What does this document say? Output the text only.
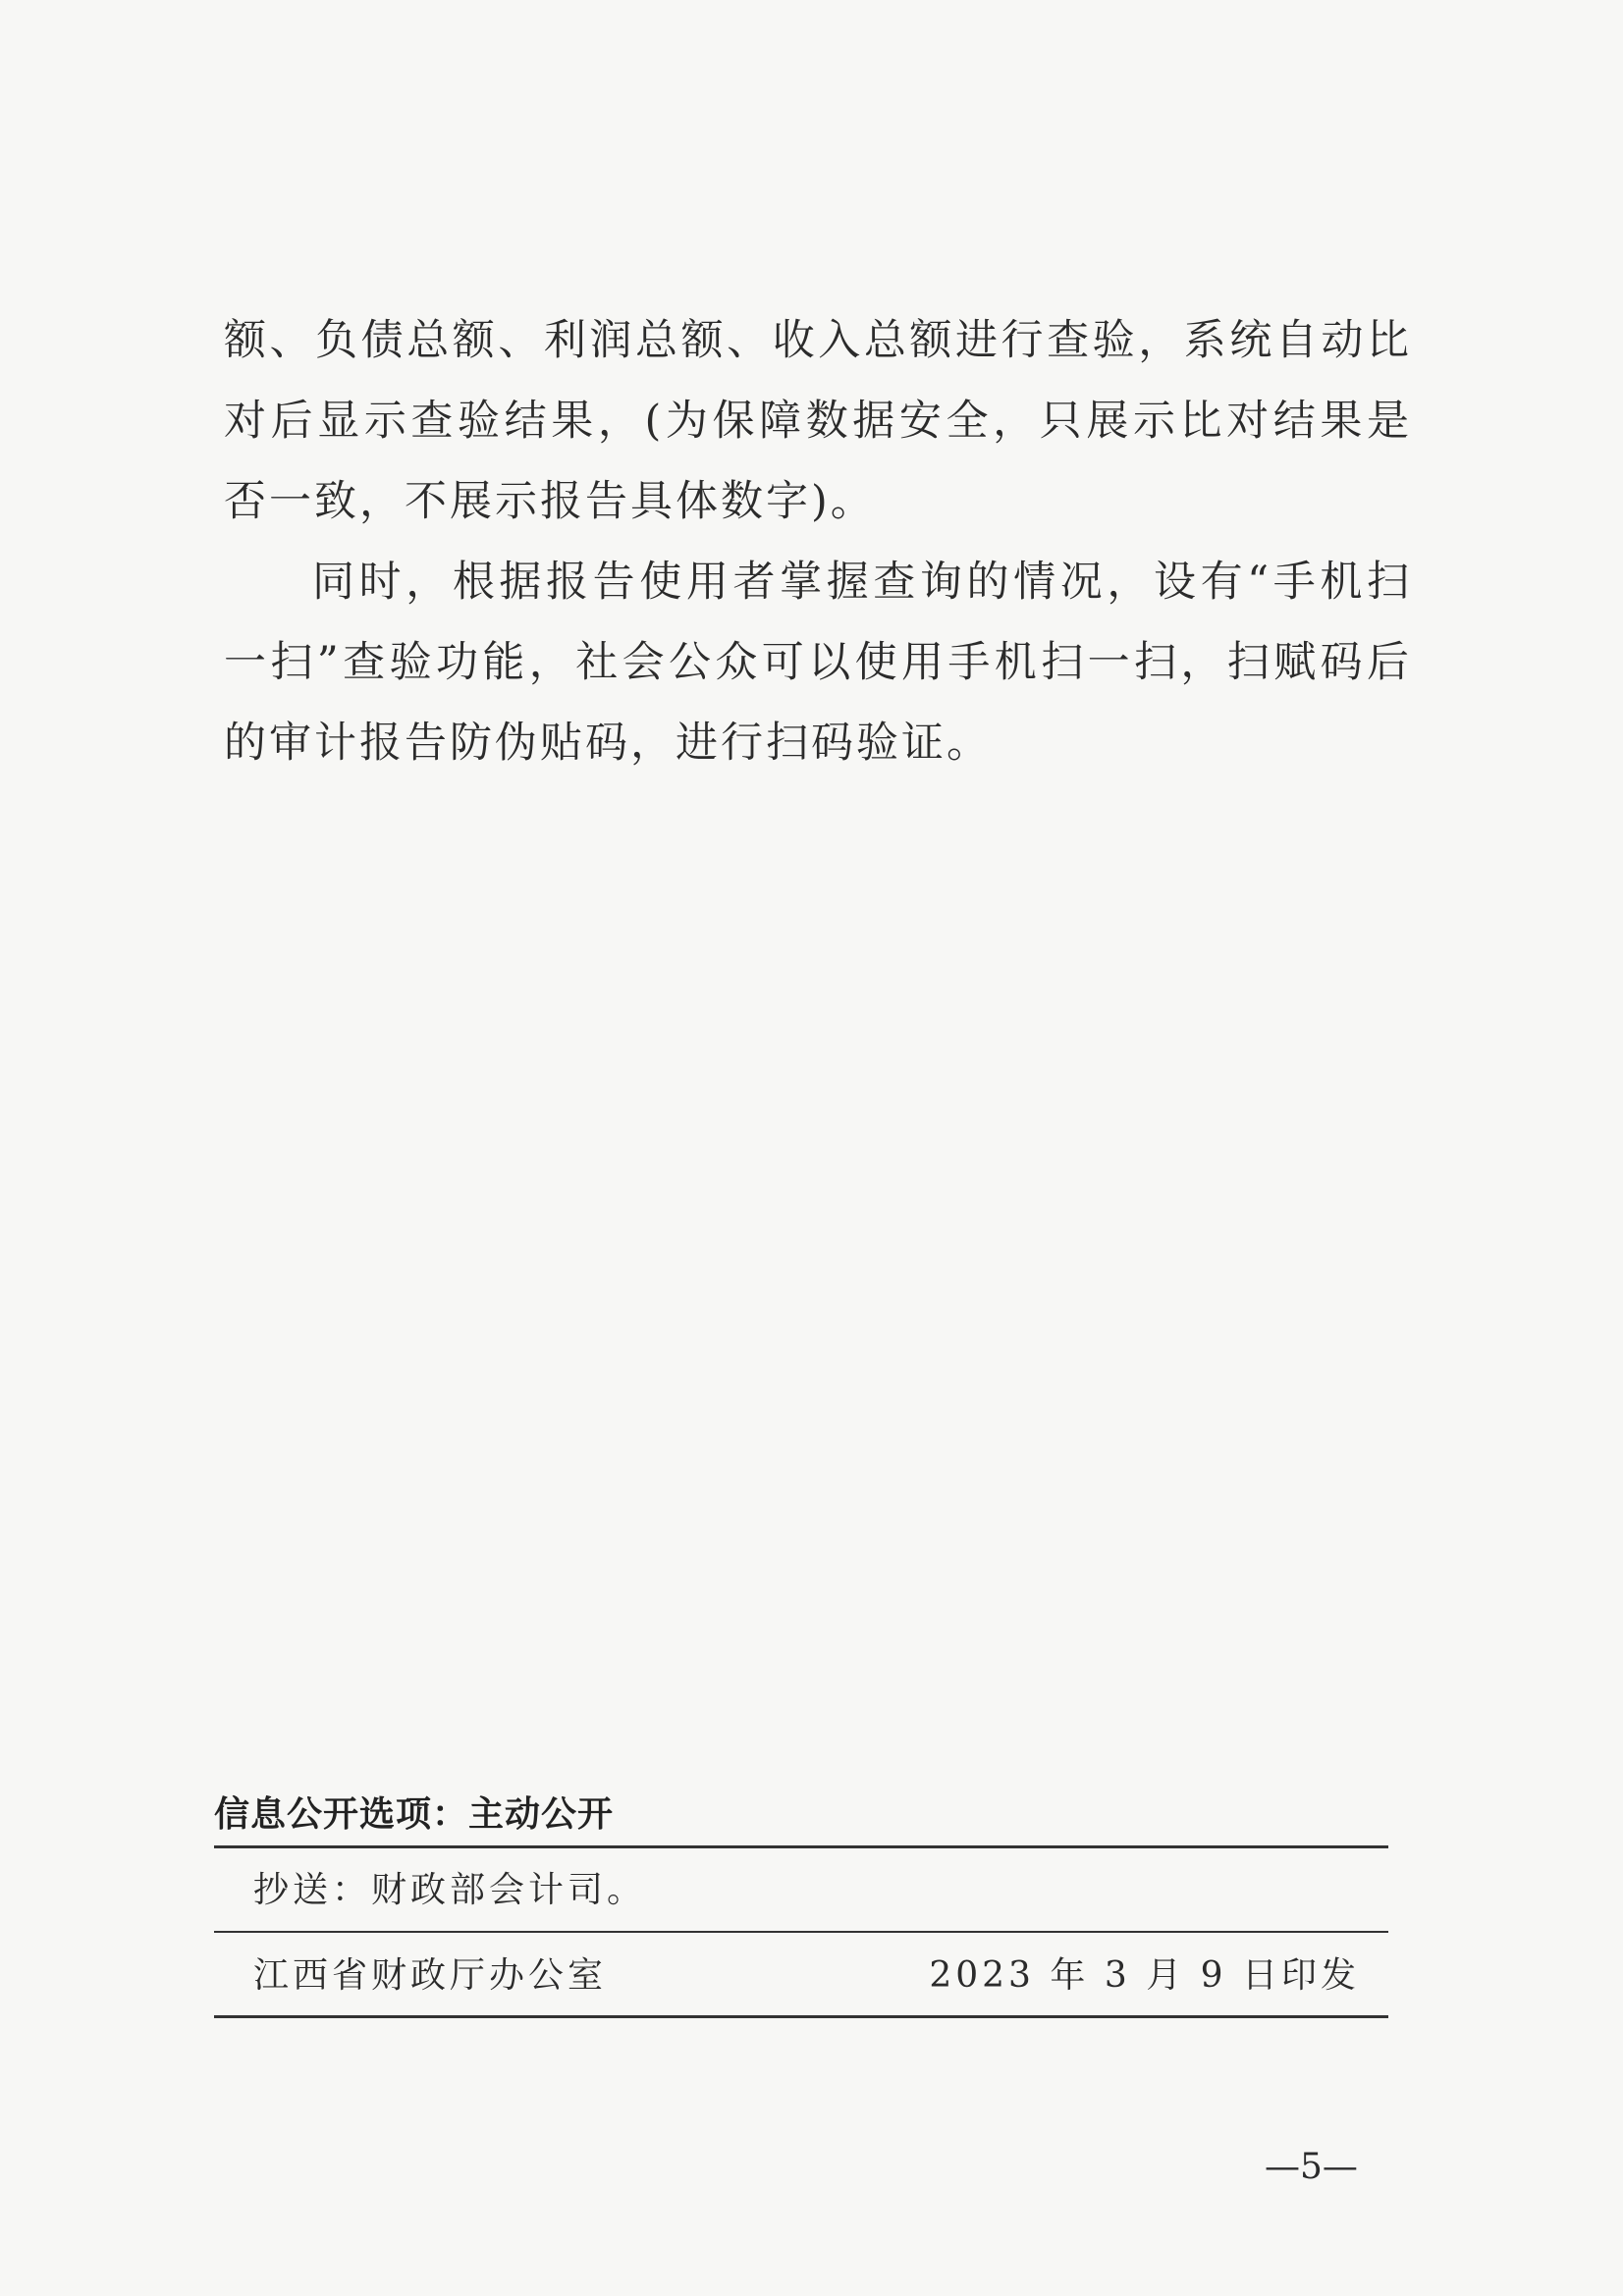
额、负债总额、利润总额、收入总额进行查验，系统自动比对后显示查验结果，(为保障数据安全，只展示比对结果是否一致，不展示报告具体数字)。

同时，根据报告使用者掌握查询的情况，设有“手机扫一扫”查验功能，社会公众可以使用手机扫一扫，扫赋码后的审计报告防伪贴码，进行扫码验证。

信息公开选项：主动公开
抄送：财政部会计司。
江西省财政厅办公室	2023 年 3 月 9 日印发
—5—
